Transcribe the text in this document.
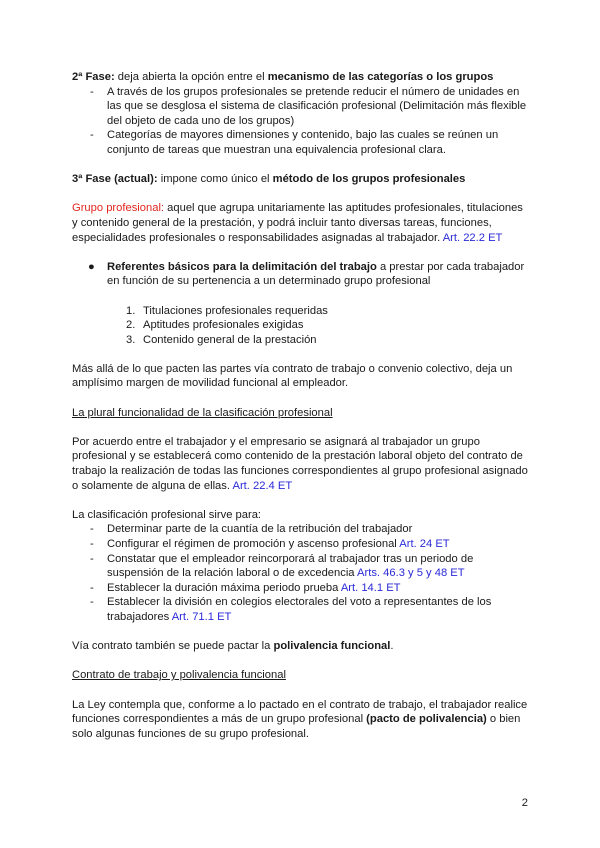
2ª Fase: deja abierta la opción entre el mecanismo de las categorías o los grupos

- A través de los grupos profesionales se pretende reducir el número de unidades en las que se desglosa el sistema de clasificación profesional (Delimitación más flexible del objeto de cada uno de los grupos)

- Categorías de mayores dimensiones y contenido, bajo las cuales se reúnen un conjunto de tareas que muestran una equivalencia profesional clara.

3ª Fase (actual): impone como único el método de los grupos profesionales

Grupo profesional: aquel que agrupa unitariamente las aptitudes profesionales, titulaciones y contenido general de la prestación, y podrá incluir tanto diversas tareas, funciones, especialidades profesionales o responsabilidades asignadas al trabajador. Art. 22.2 ET

● Referentes básicos para la delimitación del trabajo a prestar por cada trabajador en función de su pertenencia a un determinado grupo profesional

1. Titulaciones profesionales requeridas

2. Aptitudes profesionales exigidas

3. Contenido general de la prestación

Más allá de lo que pacten las partes vía contrato de trabajo o convenio colectivo, deja un amplísimo margen de movilidad funcional al empleador.

La plural funcionalidad de la clasificación profesional

Por acuerdo entre el trabajador y el empresario se asignará al trabajador un grupo profesional y se establecerá como contenido de la prestación laboral objeto del contrato de trabajo la realización de todas las funciones correspondientes al grupo profesional asignado o solamente de alguna de ellas. Art. 22.4 ET

La clasificación profesional sirve para:

- Determinar parte de la cuantía de la retribución del trabajador

- Configurar el régimen de promoción y ascenso profesional Art. 24 ET

- Constatar que el empleador reincorporará al trabajador tras un periodo de suspensión de la relación laboral o de excedencia Arts. 46.3 y 5 y 48 ET

- Establecer la duración máxima periodo prueba Art. 14.1 ET

- Establecer la división en colegios electorales del voto a representantes de los trabajadores Art. 71.1 ET

Vía contrato también se puede pactar la polivalencia funcional.

Contrato de trabajo y polivalencia funcional

La Ley contempla que, conforme a lo pactado en el contrato de trabajo, el trabajador realice funciones correspondientes a más de un grupo profesional (pacto de polivalencia) o bien solo algunas funciones de su grupo profesional.

2
